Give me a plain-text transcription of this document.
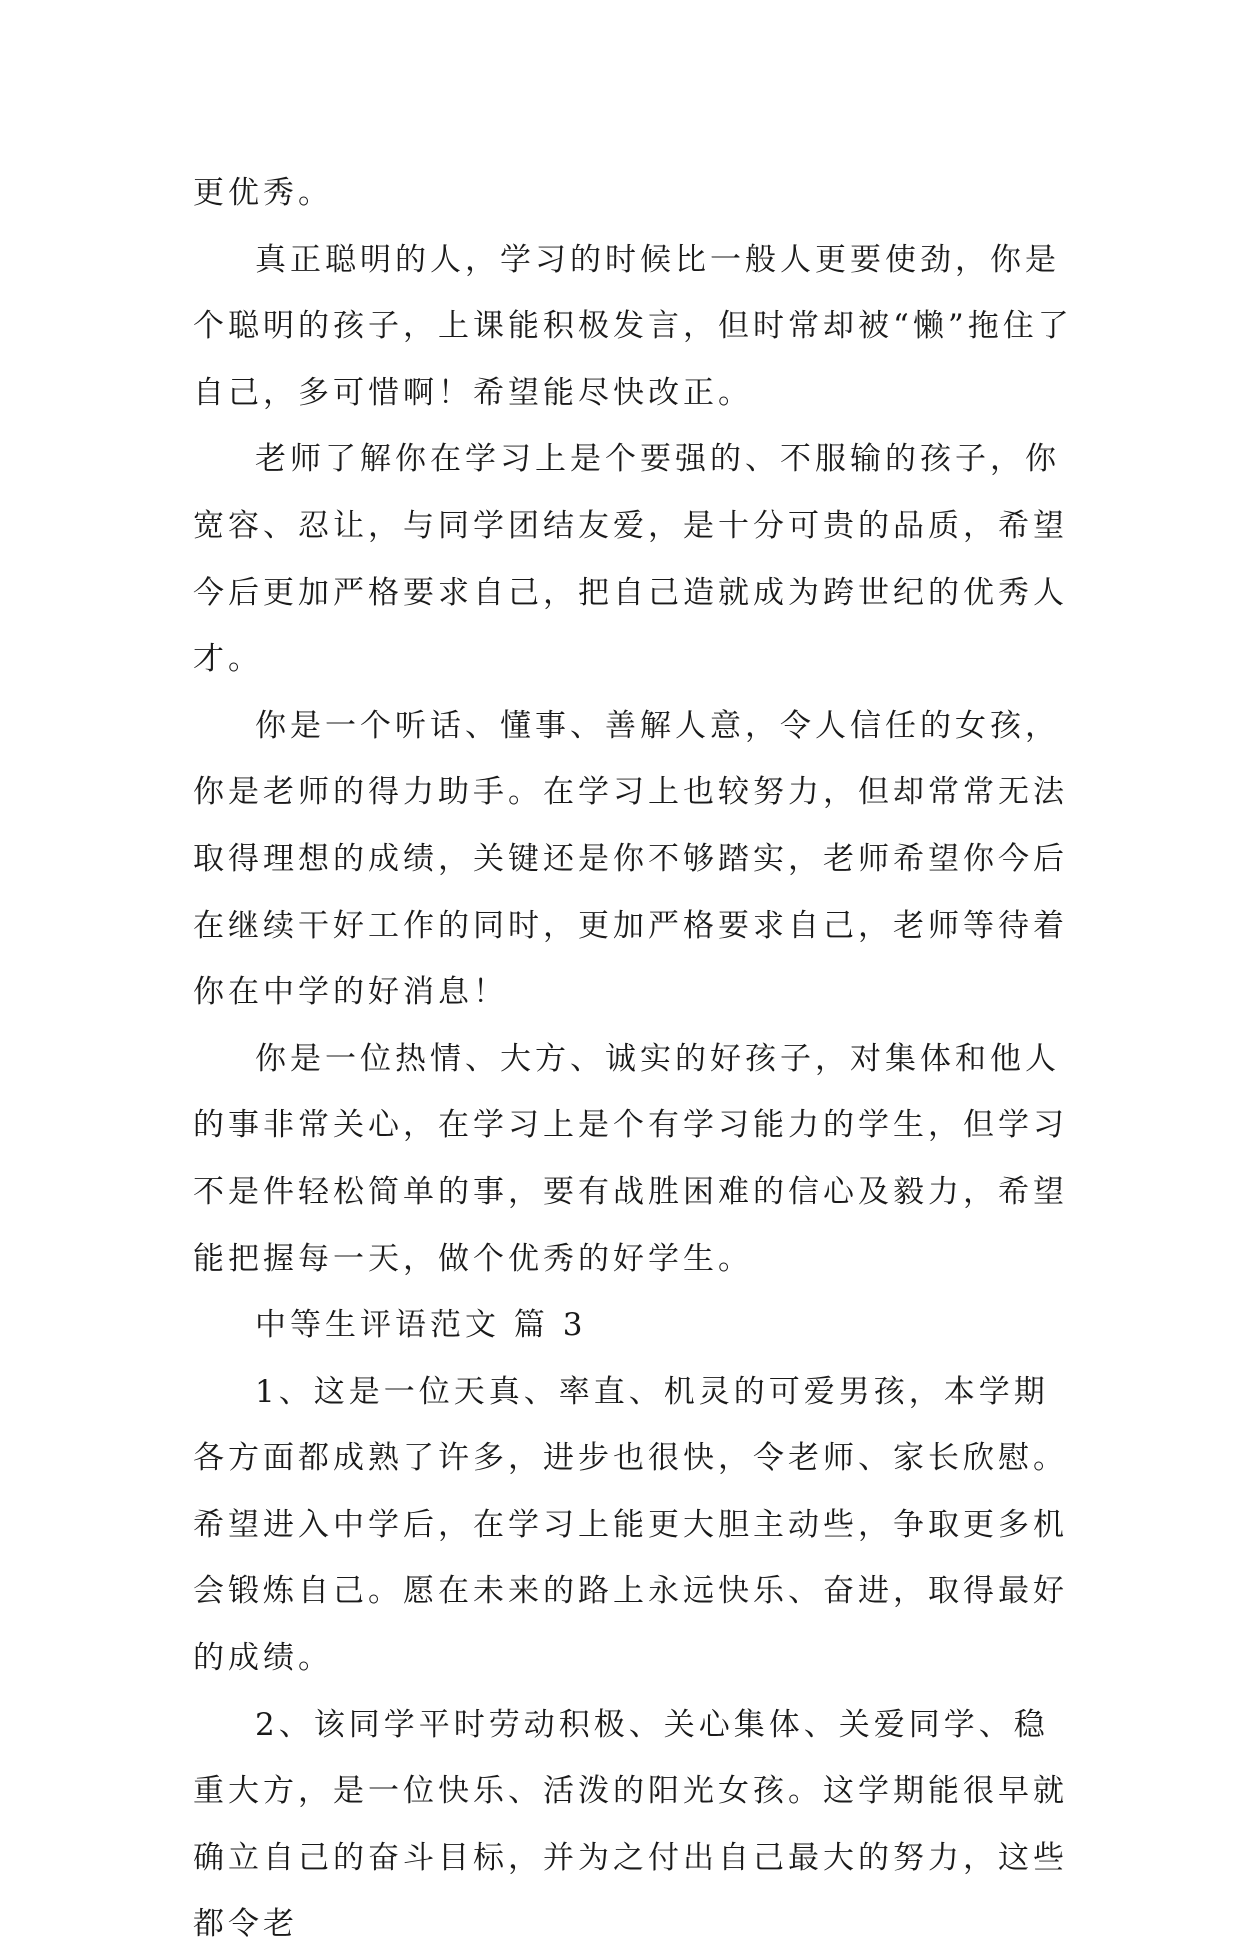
更优秀。

真正聪明的人，学习的时候比一般人更要使劲，你是个聪明的孩子，上课能积极发言，但时常却被“懒”拖住了自己，多可惜啊！希望能尽快改正。

老师了解你在学习上是个要强的、不服输的孩子，你宽容、忍让，与同学团结友爱，是十分可贵的品质，希望今后更加严格要求自己，把自己造就成为跨世纪的优秀人才。

你是一个听话、懂事、善解人意，令人信任的女孩，你是老师的得力助手。在学习上也较努力，但却常常无法取得理想的成绩，关键还是你不够踏实，老师希望你今后在继续干好工作的同时，更加严格要求自己，老师等待着你在中学的好消息！

你是一位热情、大方、诚实的好孩子，对集体和他人的事非常关心，在学习上是个有学习能力的学生，但学习不是件轻松简单的事，要有战胜困难的信心及毅力，希望能把握每一天，做个优秀的好学生。

中等生评语范文 篇 3

1、这是一位天真、率直、机灵的可爱男孩，本学期各方面都成熟了许多，进步也很快，令老师、家长欣慰。希望进入中学后，在学习上能更大胆主动些，争取更多机会锻炼自己。愿在未来的路上永远快乐、奋进，取得最好的成绩。

2、该同学平时劳动积极、关心集体、关爱同学、稳重大方，是一位快乐、活泼的阳光女孩。这学期能很早就确立自己的奋斗目标，并为之付出自己最大的努力，这些都令老
